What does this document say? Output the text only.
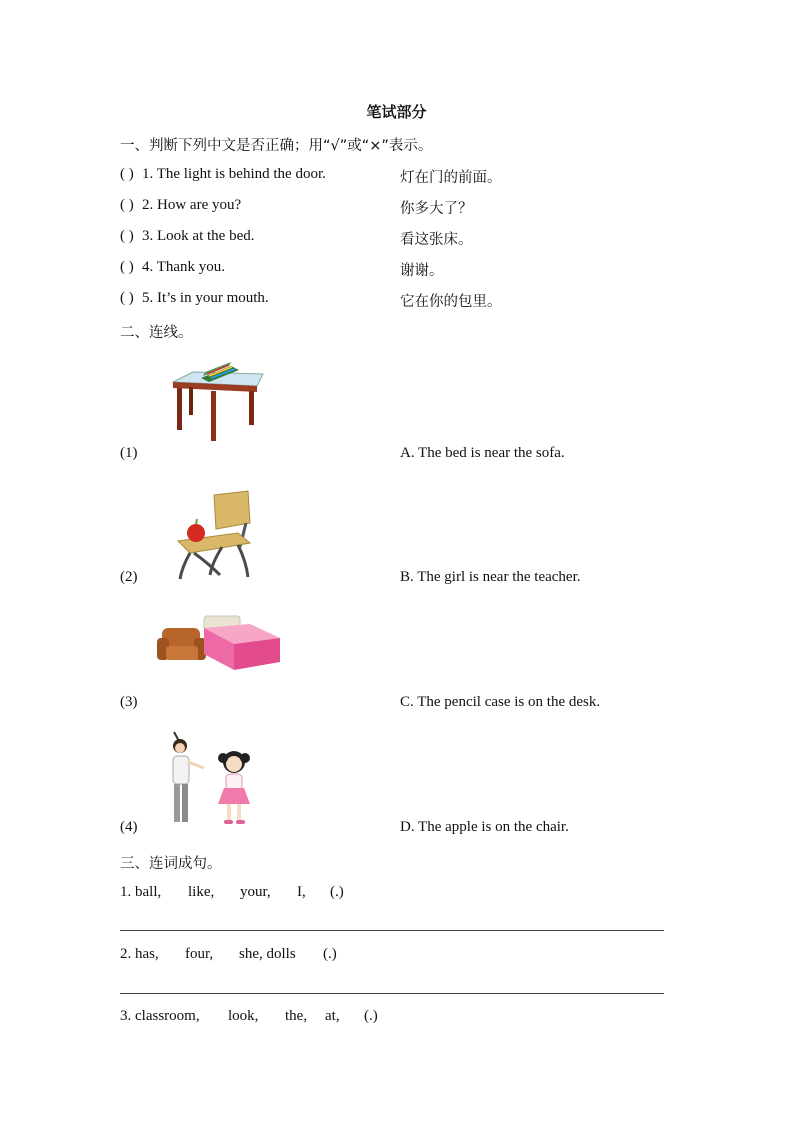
笔试部分
一、判断下列中文是否正确；用“√”或“×”表示。
( ) 1. The light is behind the door.	灯在门的前面。
( ) 2. How are you?	你多大了？
( ) 3. Look at the bed.	看这张床。
( ) 4. Thank you.	谢谢。
( ) 5. It’s in your mouth.	它在你的包里。
二、连线。
(1)	A. The bed is near the sofa.
(2)	B. The girl is near the teacher.
(3)	C. The pencil case is on the desk.
(4)	D. The apple is on the chair.
三、连词成句。
1. ball, like, your, I, (.)
2. has, four, she, dolls (.)
3. classroom, look, the, at, (.)
